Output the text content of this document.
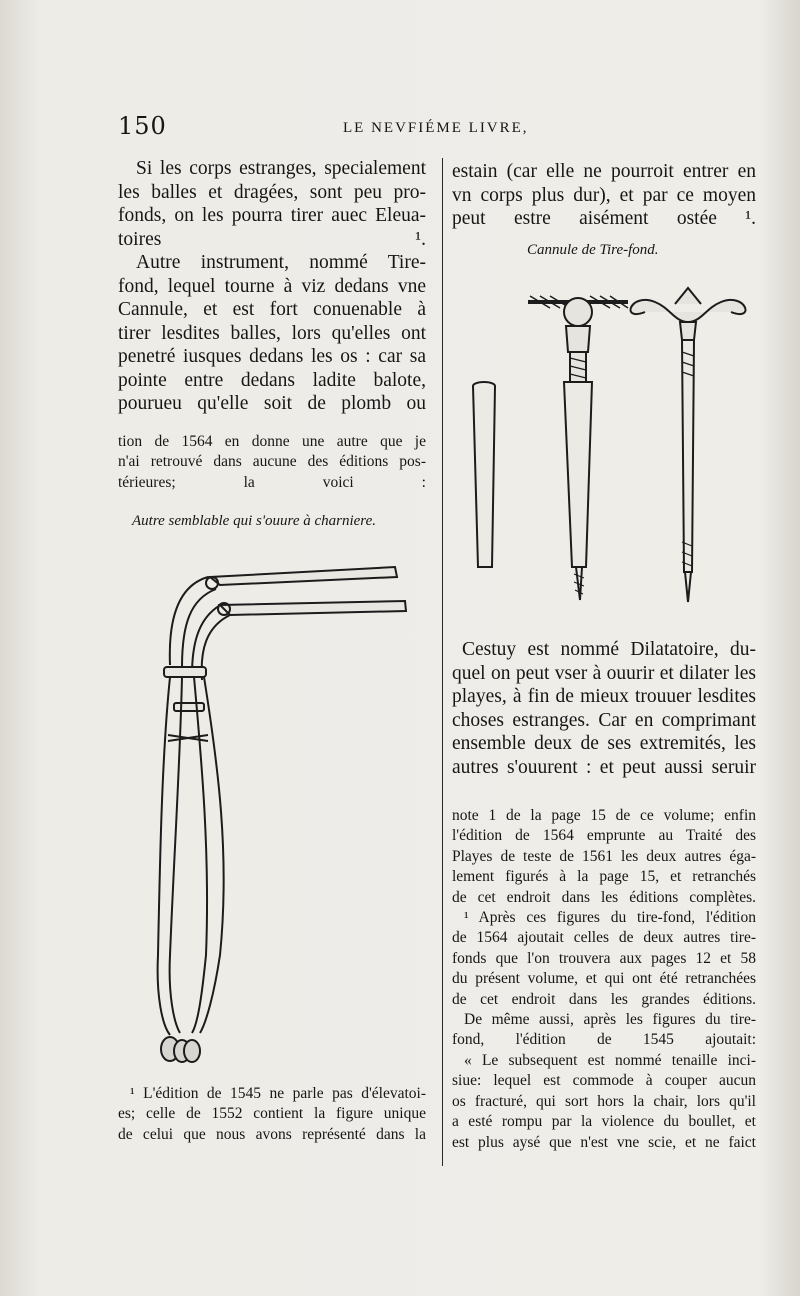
150	LE NEVFIÉME LIVRE,
Si les corps estranges, specialement
les balles et dragées, sont peu pro-
fonds, on les pourra tirer auec Eleua-
toires ¹.
Autre instrument, nommé Tire-
fond, lequel tourne à viz dedans vne
Cannule, et est fort conuenable à
tirer lesdites balles, lors qu'elles ont
penetré iusques dedans les os : car sa
pointe entre dedans ladite balote,
pourueu qu'elle soit de plomb ou
tion de 1564 en donne une autre que je
n'ai retrouvé dans aucune des éditions pos-
térieures; la voici :
Autre semblable qui s'ouure à charniere.
¹ L'édition de 1545 ne parle pas d'élevatoi-
es; celle de 1552 contient la figure unique
de celui que nous avons représenté dans la
estain (car elle ne pourroit entrer en
vn corps plus dur), et par ce moyen
peut estre aisément ostée ¹.
Cannule de Tire-fond.
Cestuy est nommé Dilatatoire, du-
quel on peut vser à ouurir et dilater les
playes, à fin de mieux trouuer lesdites
choses estranges. Car en comprimant
ensemble deux de ses extremités, les
autres s'ouurent : et peut aussi seruir
note 1 de la page 15 de ce volume; enfin
l'édition de 1564 emprunte au Traité des
Playes de teste de 1561 les deux autres éga-
lement figurés à la page 15, et retranchés
de cet endroit dans les éditions complètes.
¹ Après ces figures du tire-fond, l'édition
de 1564 ajoutait celles de deux autres tire-
fonds que l'on trouvera aux pages 12 et 58
du présent volume, et qui ont été retranchées
de cet endroit dans les grandes éditions.
De même aussi, après les figures du tire-
fond, l'édition de 1545 ajoutait:
« Le subsequent est nommé tenaille inci-
siue: lequel est commode à couper aucun
os fracturé, qui sort hors la chair, lors qu'il
a esté rompu par la violence du boullet, et
est plus aysé que n'est vne scie, et ne faict
